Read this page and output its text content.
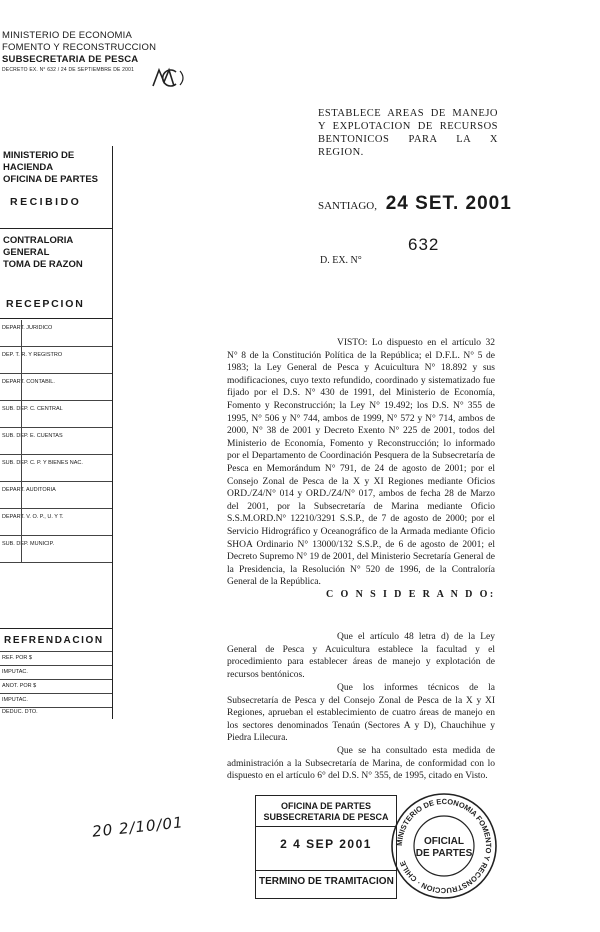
MINISTERIO DE ECONOMIA
FOMENTO Y RECONSTRUCCION
SUBSECRETARIA DE PESCA
DECRETO EX. N° 632 / 24 DE SEPTIEMBRE DE 2001
ESTABLECE AREAS DE MANEJO Y EXPLOTACION DE RECURSOS BENTONICOS PARA LA X REGION.
SANTIAGO, 24 SET. 2001
632
D. EX. N°
MINISTERIO DE HACIENDA
OFICINA DE PARTES
RECIBIDO
CONTRALORIA GENERAL
TOMA DE RAZON
RECEPCION
DEPART. JURIDICO
DEP. T. R. Y REGISTRO
DEPART. CONTABIL.
SUB. DEP. C. CENTRAL
SUB. DEP. E. CUENTAS
SUB. DEP. C. P. Y BIENES NAC.
DEPART. AUDITORIA
DEPART. V. O. P., U. Y T.
SUB. DEP. MUNICIP.
REFRENDACION
REF. POR $
IMPUTAC.
ANOT. POR $
IMPUTAC.
DEDUC. DTO.
VISTO: Lo dispuesto en el artículo 32 N° 8 de la Constitución Política de la República; el D.F.L. N° 5 de 1983; la Ley General de Pesca y Acuicultura N° 18.892 y sus modificaciones, cuyo texto refundido, coordinado y sistematizado fue fijado por el D.S. N° 430 de 1991, del Ministerio de Economía, Fomento y Reconstrucción; la Ley N° 19.492; los D.S. N° 355 de 1995, N° 506 y N° 744, ambos de 1999, N° 572 y N° 714, ambos de 2000, N° 38 de 2001 y Decreto Exento N° 225 de 2001, todos del Ministerio de Economía, Fomento y Reconstrucción; lo informado por el Departamento de Coordinación Pesquera de la Subsecretaría de Pesca en Memorándum N° 791, de 24 de agosto de 2001; por el Consejo Zonal de Pesca de la X y XI Regiones mediante Oficios ORD./Z4/N° 014 y ORD./Z4/N° 017, ambos de fecha 28 de Marzo del 2001, por la Subsecretaría de Marina mediante Oficio S.S.M.ORD.N° 12210/3291 S.S.P., de 7 de agosto de 2000; por el Servicio Hidrográfico y Oceanográfico de la Armada mediante Oficio SHOA Ordinario N° 13000/132 S.S.P., de 6 de agosto de 2001; el Decreto Supremo N° 19 de 2001, del Ministerio Secretaría General de la Presidencia, la Resolución N° 520 de 1996, de la Contraloría General de la República.
C O N S I D E R A N D O:
Que el artículo 48 letra d) de la Ley General de Pesca y Acuicultura establece la facultad y el procedimiento para establecer áreas de manejo y explotación de recursos bentónicos.
Que los informes técnicos de la Subsecretaría de Pesca y del Consejo Zonal de Pesca de la X y XI Regiones, aprueban el establecimiento de cuatro áreas de manejo en los sectores denominados Tenaún (Sectores A y D), Chauchihue y Piedra Lilecura.
Que se ha consultado esta medida de administración a la Subsecretaría de Marina, de conformidad con lo dispuesto en el artículo 6° del D.S. N° 355, de 1995, citado en Visto.
20 2/10/01
OFICINA DE PARTES
SUBSECRETARIA DE PESCA
2 4 SEP 2001
TERMINO DE TRAMITACION
MINISTERIO DE ECONOMIA FOMENTO Y RECONSTRUCCION · CHILE
OFICIAL
DE PARTES
